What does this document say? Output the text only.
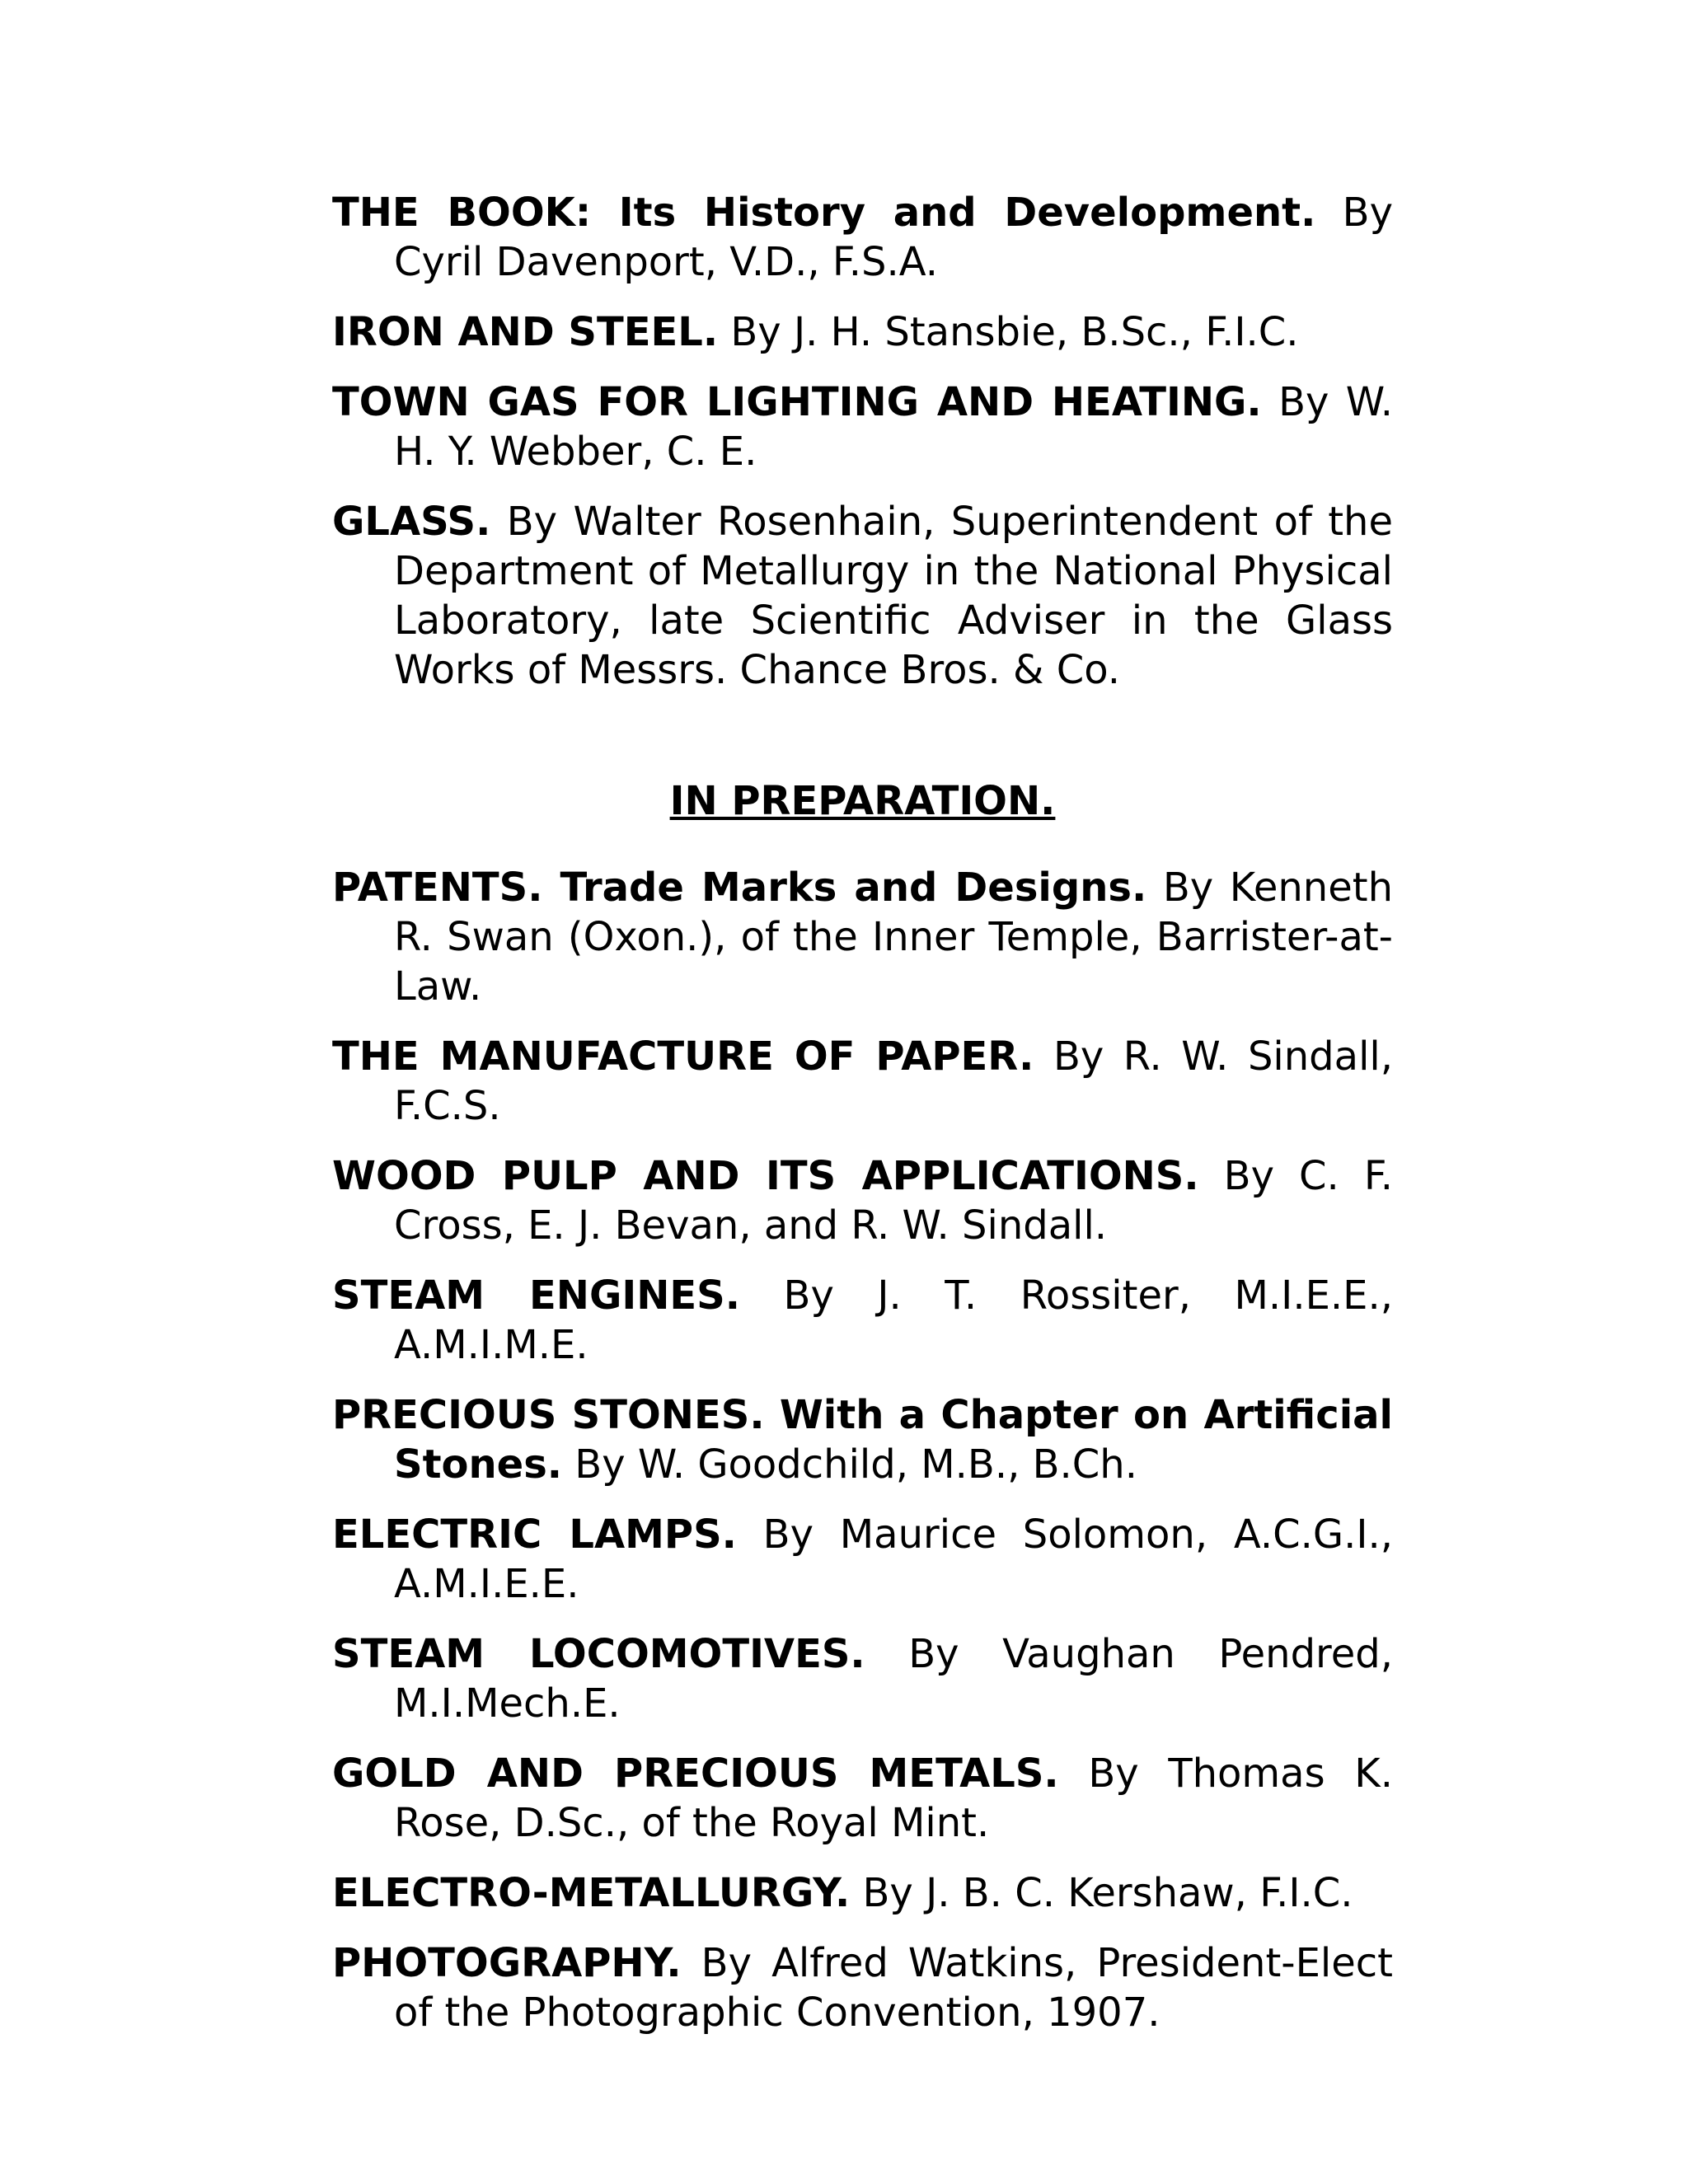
THE BOOK: Its History and Development. By Cyril Davenport, V.D., F.S.A.
IRON AND STEEL. By J. H. Stansbie, B.Sc., F.I.C.
TOWN GAS FOR LIGHTING AND HEATING. By W. H. Y. Webber, C. E.
GLASS. By Walter Rosenhain, Superintendent of the Department of Metallurgy in the National Physical Laboratory, late Scientific Adviser in the Glass Works of Messrs. Chance Bros. & Co.
IN PREPARATION.
PATENTS. Trade Marks and Designs. By Kenneth R. Swan (Oxon.), of the Inner Temple, Barrister-at-Law.
THE MANUFACTURE OF PAPER. By R. W. Sindall, F.C.S.
WOOD PULP AND ITS APPLICATIONS. By C. F. Cross, E. J. Bevan, and R. W. Sindall.
STEAM ENGINES. By J. T. Rossiter, M.I.E.E., A.M.I.M.E.
PRECIOUS STONES. With a Chapter on Artificial Stones. By W. Goodchild, M.B., B.Ch.
ELECTRIC LAMPS. By Maurice Solomon, A.C.G.I., A.M.I.E.E.
STEAM LOCOMOTIVES. By Vaughan Pendred, M.I.Mech.E.
GOLD AND PRECIOUS METALS. By Thomas K. Rose, D.Sc., of the Royal Mint.
ELECTRO-METALLURGY. By J. B. C. Kershaw, F.I.C.
PHOTOGRAPHY. By Alfred Watkins, President-Elect of the Photographic Convention, 1907.
